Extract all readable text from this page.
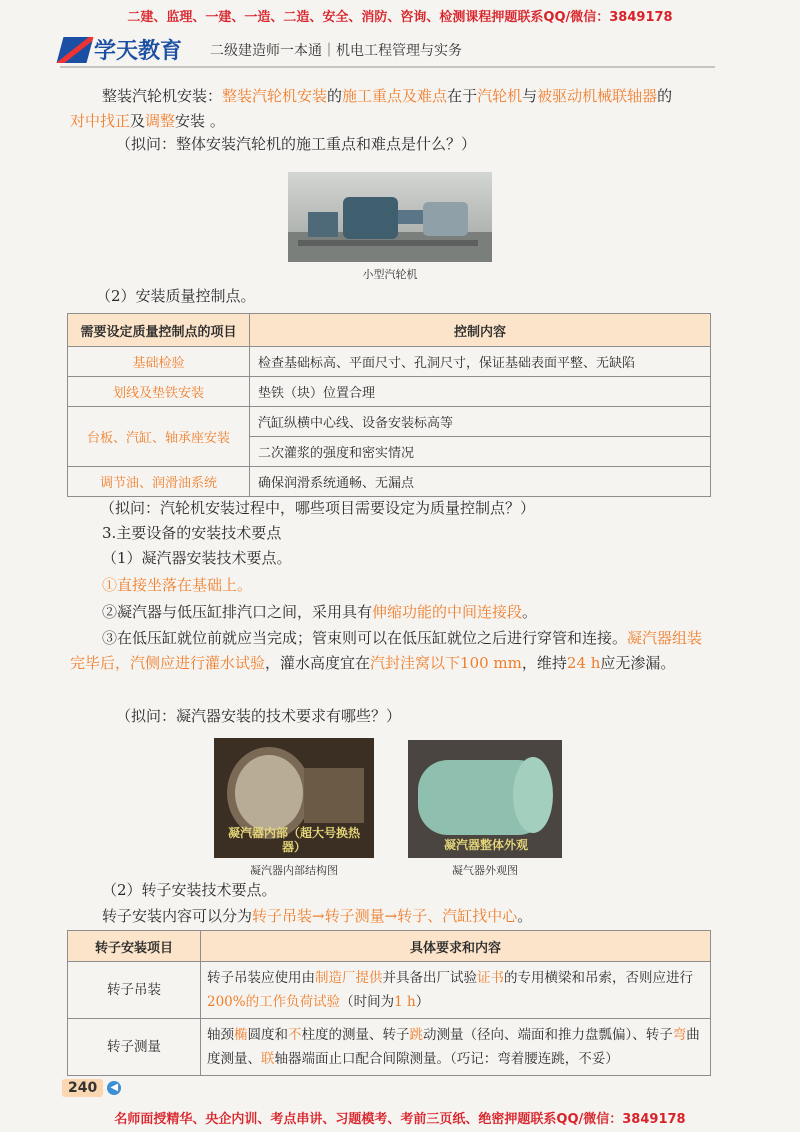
二建、监理、一建、一造、二造、安全、消防、咨询、检测课程押题联系QQ/微信：3849178
学天教育 二级建造师一本通｜机电工程管理与实务
整装汽轮机安装：整装汽轮机安装的施工重点及难点在于汽轮机与被驱动机械联轴器的
对中找正及调整安装 。
（拟问：整体安装汽轮机的施工重点和难点是什么？）
小型汽轮机
（2）安装质量控制点。
需要设定质量控制点的项目	控制内容
基础检验	检查基础标高、平面尺寸、孔洞尺寸，保证基础表面平整、无缺陷
划线及垫铁安装	垫铁（块）位置合理
台板、汽缸、轴承座安装	汽缸纵横中心线、设备安装标高等
	二次灌浆的强度和密实情况
调节油、润滑油系统	确保润滑系统通畅、无漏点
（拟问：汽轮机安装过程中，哪些项目需要设定为质量控制点？）
3.主要设备的安装技术要点
（1）凝汽器安装技术要点。
①直接坐落在基础上。
②凝汽器与低压缸排汽口之间，采用具有伸缩功能的中间连接段。
③在低压缸就位前就应当完成；管束则可以在低压缸就位之后进行穿管和连接。凝汽器组装完毕后，汽侧应进行灌水试验，灌水高度宜在汽封洼窝以下100 mm，维持24 h应无渗漏。
（拟问：凝汽器安装的技术要求有哪些？）
凝汽器内部（超大号换热器）
凝汽器内部结构图
凝汽器整体外观
凝气器外观图
（2）转子安装技术要点。
转子安装内容可以分为转子吊装→转子测量→转子、汽缸找中心。
转子安装项目	具体要求和内容
转子吊装	转子吊装应使用由制造厂提供并具备出厂试验证书的专用横梁和吊索，否则应进行200%的工作负荷试验（时间为1 h）
转子测量	轴颈椭圆度和不柱度的测量、转子跳动测量（径向、端面和推力盘瓢偏）、转子弯曲度测量、联轴器端面止口配合间隙测量。（巧记：弯着腰连跳，不妥）
240	◀
名师面授精华、央企内训、考点串讲、习题模考、考前三页纸、绝密押题联系QQ/微信：3849178
